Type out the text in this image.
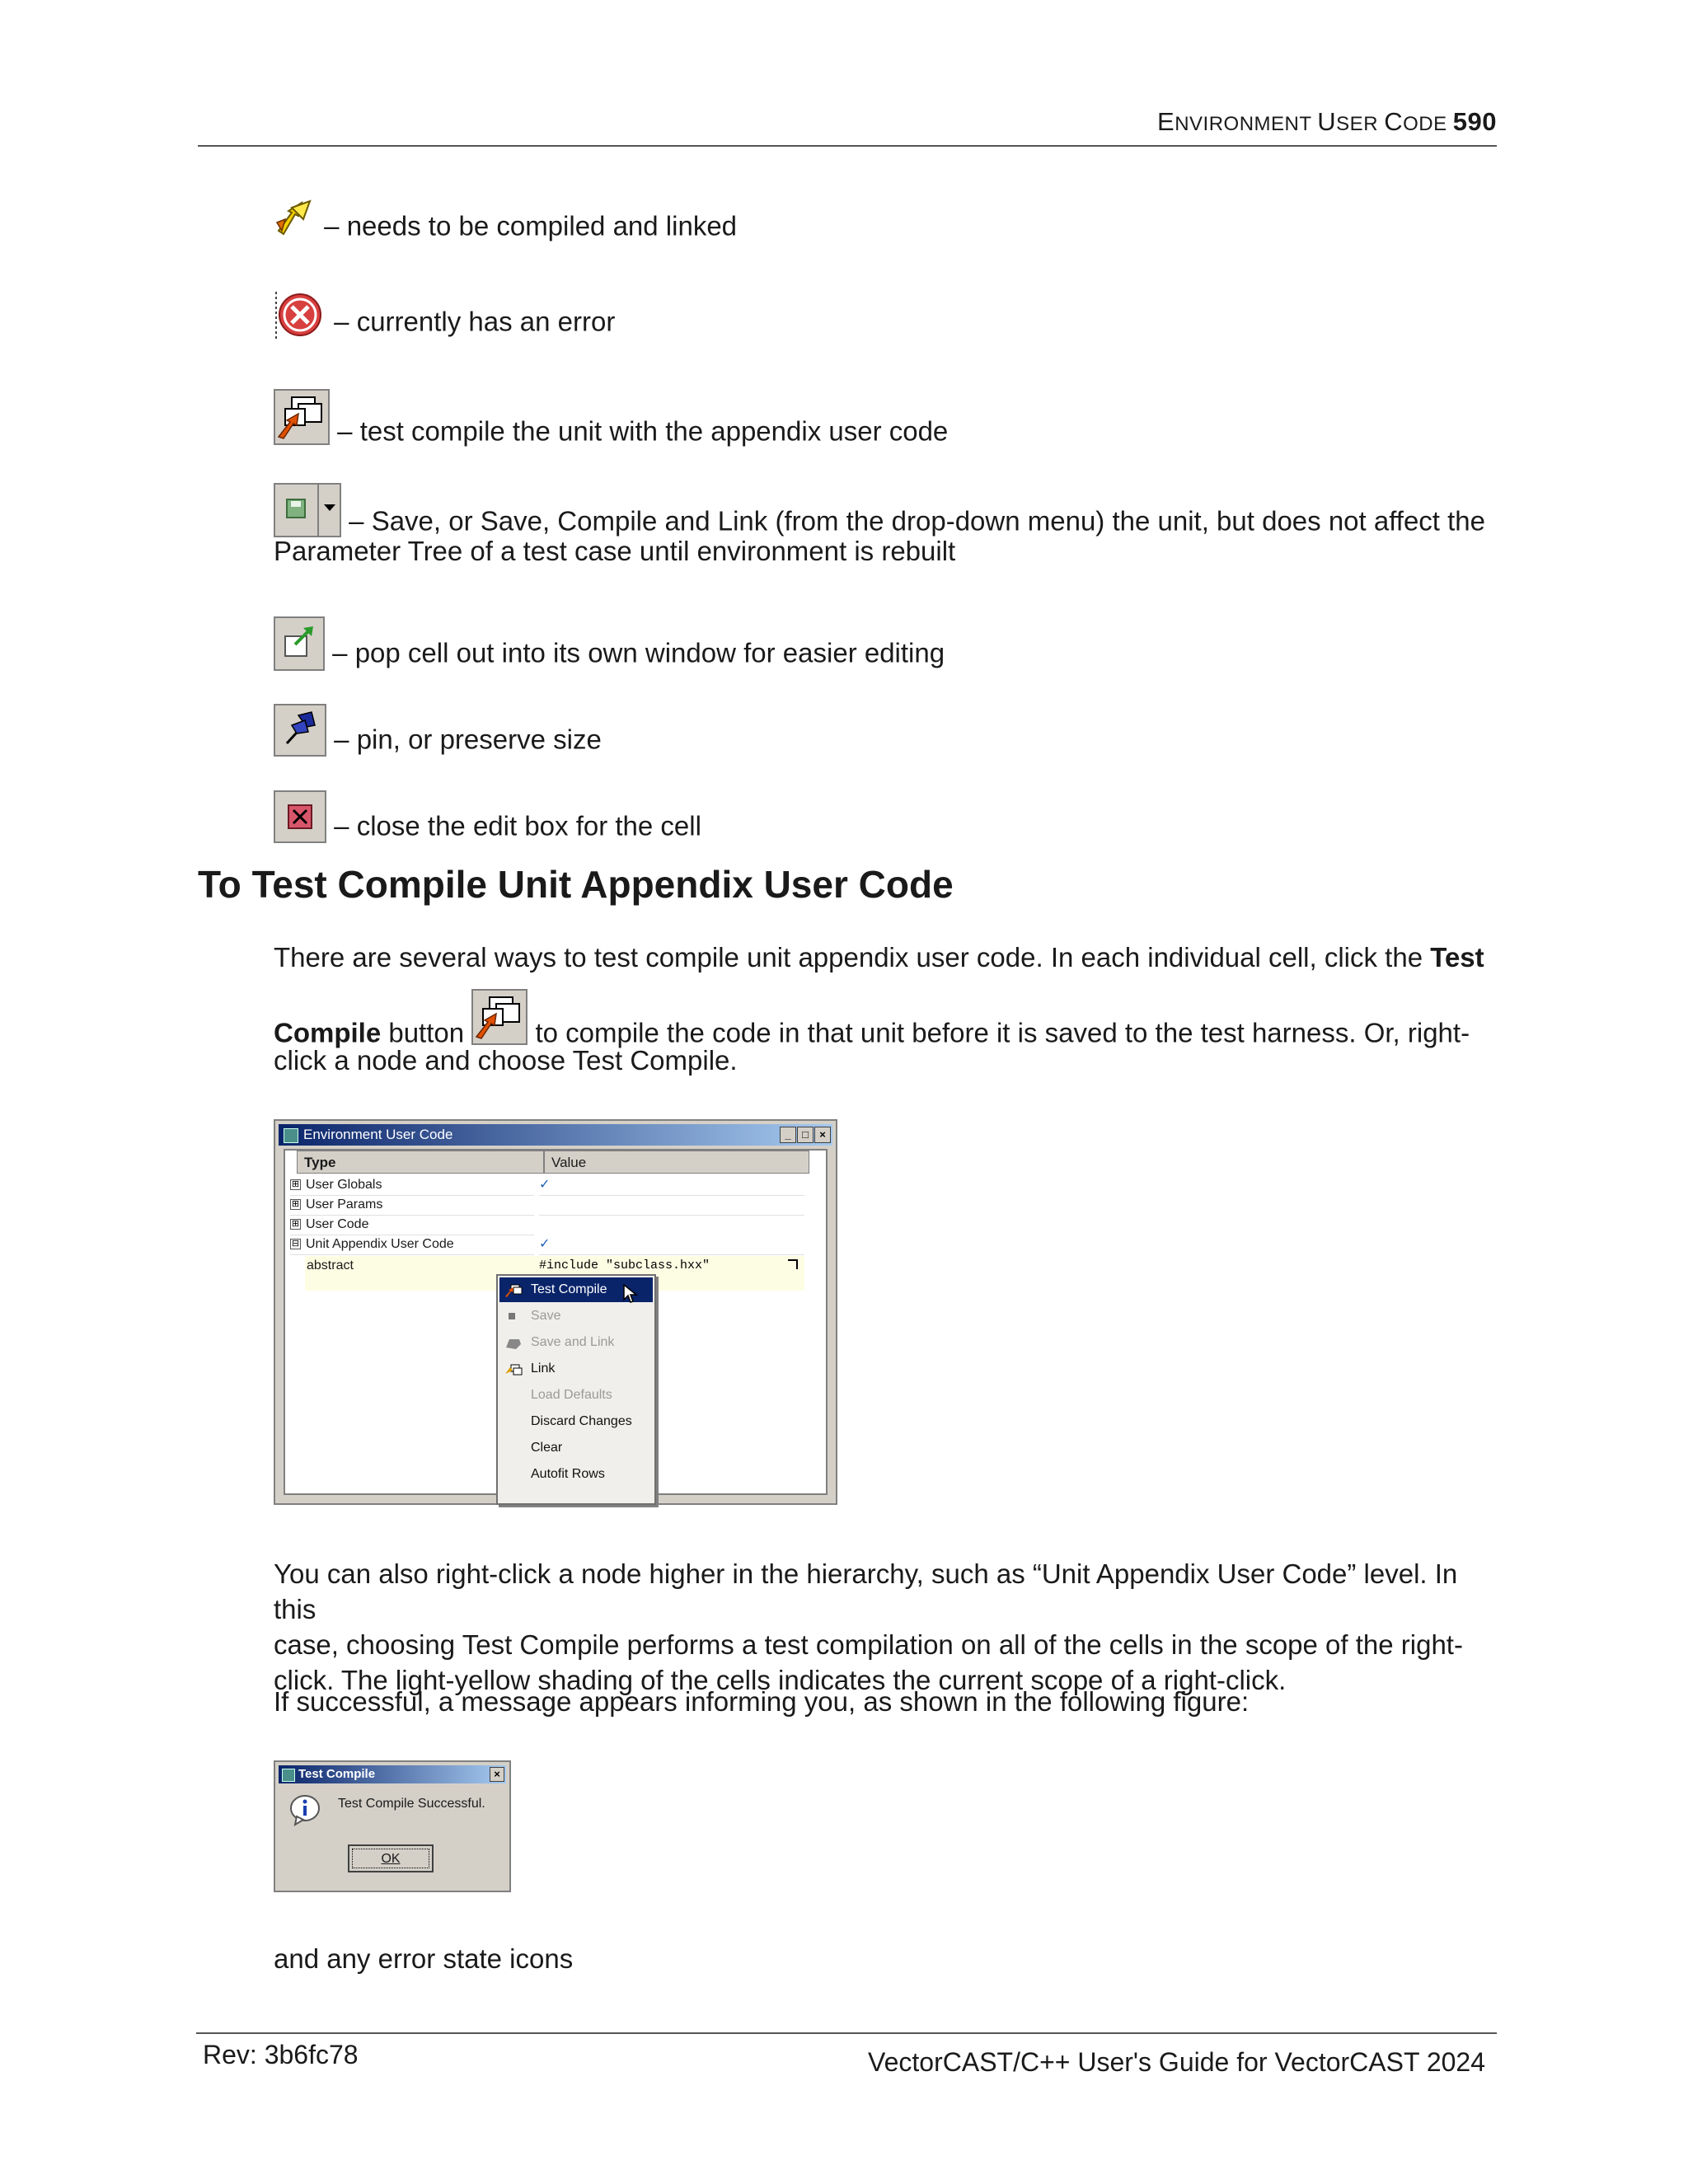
ENVIRONMENT USER CODE 590
– needs to be compiled and linked
– currently has an error
– test compile the unit with the appendix user code
– Save, or Save, Compile and Link (from the drop-down menu) the unit, but does not affect the
Parameter Tree of a test case until environment is rebuilt
– pop cell out into its own window for easier editing
– pin, or preserve size
– close the edit box for the cell
To Test Compile Unit Appendix User Code
There are several ways to test compile unit appendix user code. In each individual cell, click the Test
Compile button  to compile the code in that unit before it is saved to the test harness. Or, right-
click a node and choose Test Compile.
Environment User Code	_	□	×
Type	Value
⊞ User Globals	✓
⊞ User Params
⊞ User Code
⊟ Unit Appendix User Code	✓
abstract	#include "subclass.hxx"
Test Compile
Save
Save and Link
Link
Load Defaults
Discard Changes
Clear
Autofit Rows
You can also right-click a node higher in the hierarchy, such as “Unit Appendix User Code” level. In this
case, choosing Test Compile performs a test compilation on all of the cells in the scope of the right-
click. The light-yellow shading of the cells indicates the current scope of a right-click.
If successful, a message appears informing you, as shown in the following figure:
Test Compile	×
Test Compile Successful.
OK
and any error state icons
Rev: 3b6fc78	VectorCAST/C++ User's Guide for VectorCAST 2024
